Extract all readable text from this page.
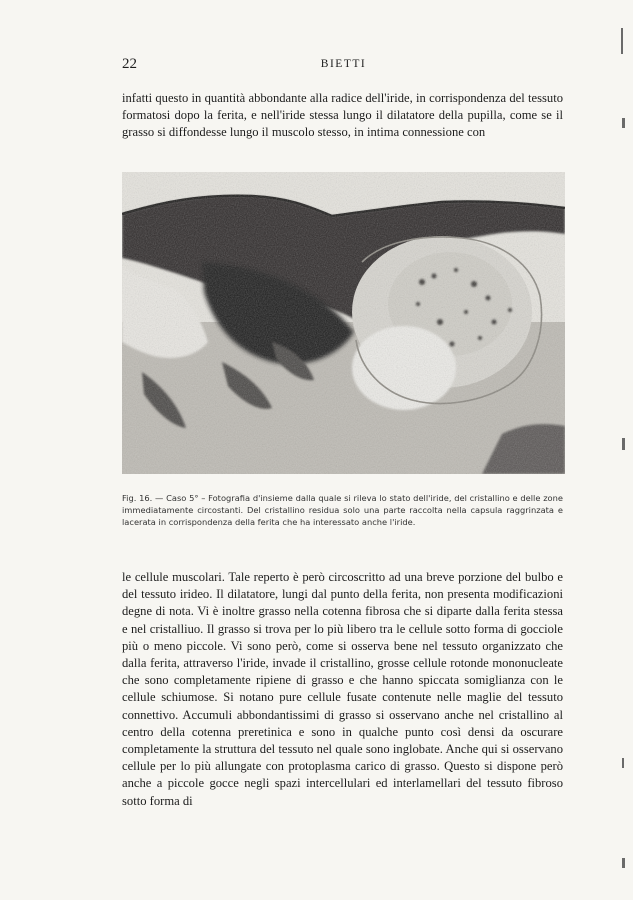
22	BIETTI

infatti questo in quantità abbondante alla radice dell'iride, in corrispondenza del tessuto formatosi dopo la ferita, e nell'iride stessa lungo il dilatatore della pupilla, come se il grasso si diffondesse lungo il muscolo stesso, in intima connessione con

Fig. 16. — Caso 5° – Fotografia d'insieme dalla quale si rileva lo stato dell'iride, del cristallino e delle zone immediatamente circostanti. Del cristallino residua solo una parte raccolta nella capsula raggrinzata e lacerata in corrispondenza della ferita che ha interessato anche l'iride.

le cellule muscolari. Tale reperto è però circoscritto ad una breve porzione del bulbo e del tessuto irideo. Il dilatatore, lungi dal punto della ferita, non presenta modificazioni degne di nota. Vi è inoltre grasso nella cotenna fibrosa che si diparte dalla ferita stessa e nel cristalliuo. Il grasso si trova per lo più libero tra le cellule sotto forma di gocciole più o meno piccole. Vi sono però, come si osserva bene nel tessuto organizzato che dalla ferita, attraverso l'iride, invade il cristallino, grosse cellule rotonde mononucleate che sono completamente ripiene di grasso e che hanno spiccata somiglianza con le cellule schiumose. Si notano pure cellule fusate contenute nelle maglie del tessuto connettivo. Accumuli abbondantissimi di grasso si osservano anche nel cristallino al centro della cotenna preretinica e sono in qualche punto così densi da oscurare completamente la struttura del tessuto nel quale sono inglobate. Anche qui si osservano cellule per lo più allungate con protoplasma carico di grasso. Questo si dispone però anche a piccole gocce negli spazi intercellulari ed interlamellari del tessuto fibroso sotto forma di
